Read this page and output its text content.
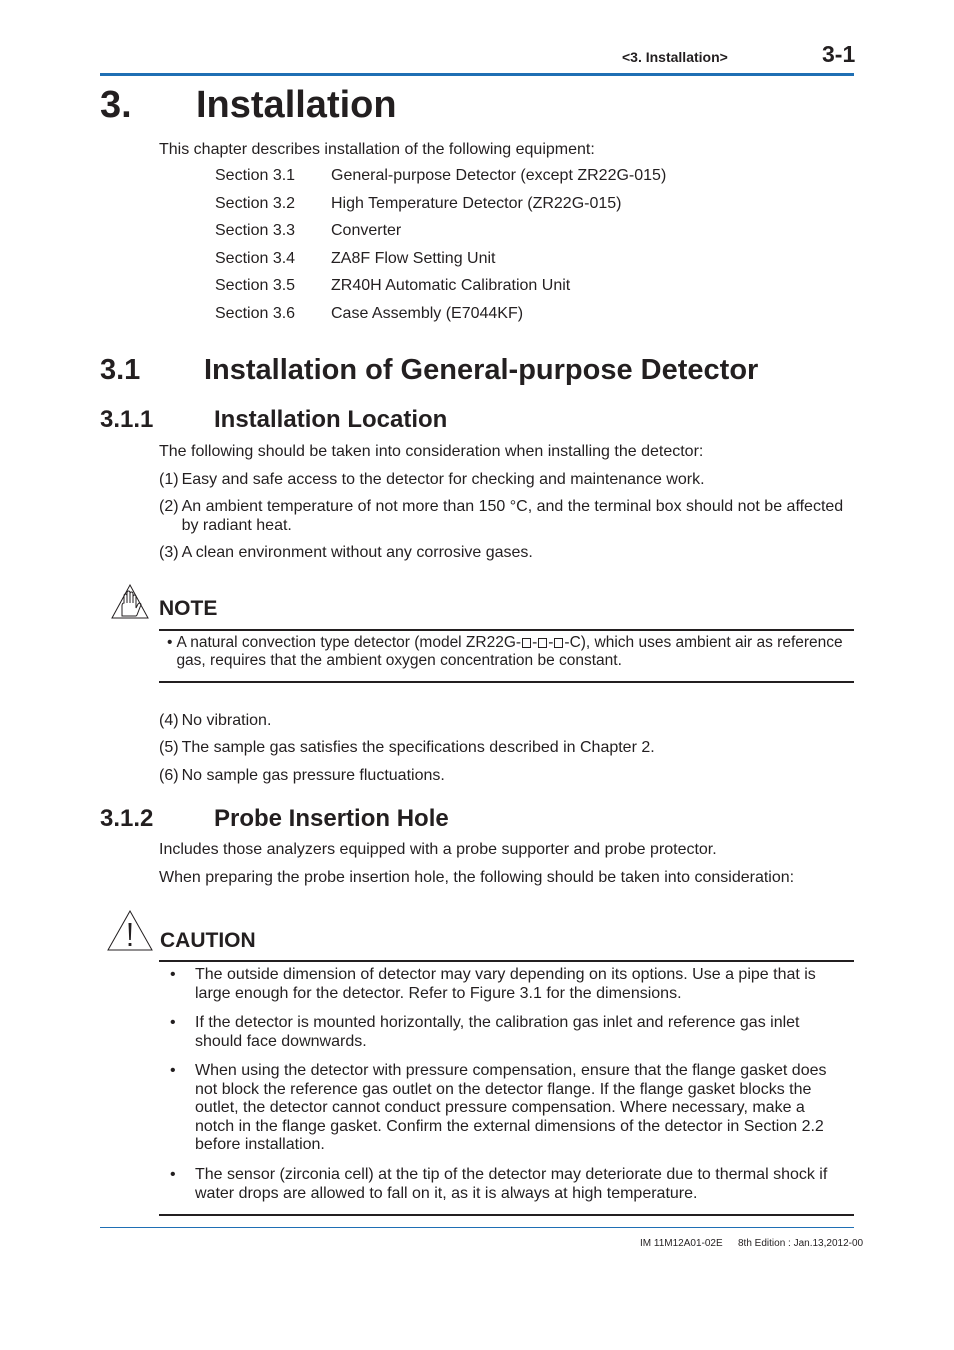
<3. Installation>	3-1
3. Installation
This chapter describes installation of the following equipment:
Section 3.1	General-purpose Detector (except ZR22G-015)
Section 3.2	High Temperature Detector (ZR22G-015)
Section 3.3	Converter
Section 3.4	ZA8F Flow Setting Unit
Section 3.5	ZR40H Automatic Calibration Unit
Section 3.6	Case Assembly (E7044KF)
3.1 Installation of General-purpose Detector
3.1.1	Installation Location
The following should be taken into consideration when installing the detector:
(1) Easy and safe access to the detector for checking and maintenance work.
(2) An ambient temperature of not more than 150 °C, and the terminal box should not be affected by radiant heat.
(3) A clean environment without any corrosive gases.
NOTE
• A natural convection type detector (model ZR22G- - - -C), which uses ambient air as reference gas, requires that the ambient oxygen concentration be constant.
(4) No vibration.
(5) The sample gas satisfies the specifications described in Chapter 2.
(6) No sample gas pressure fluctuations.
3.1.2	Probe Insertion Hole
Includes those analyzers equipped with a probe supporter and probe protector.
When preparing the probe insertion hole, the following should be taken into consideration:
CAUTION
•	The outside dimension of detector may vary depending on its options. Use a pipe that is large enough for the detector. Refer to Figure 3.1 for the dimensions.
•	If the detector is mounted horizontally, the calibration gas inlet and reference gas inlet should face downwards.
•	When using the detector with pressure compensation, ensure that the flange gasket does not block the reference gas outlet on the detector flange. If the flange gasket blocks the outlet, the detector cannot conduct pressure compensation. Where necessary, make a notch in the flange gasket. Confirm the external dimensions of the detector in Section 2.2 before installation.
•	The sensor (zirconia cell) at the tip of the detector may deteriorate due to thermal shock if water drops are allowed to fall on it, as it is always at high temperature.
IM 11M12A01-02E 8th Edition : Jan.13,2012-00
